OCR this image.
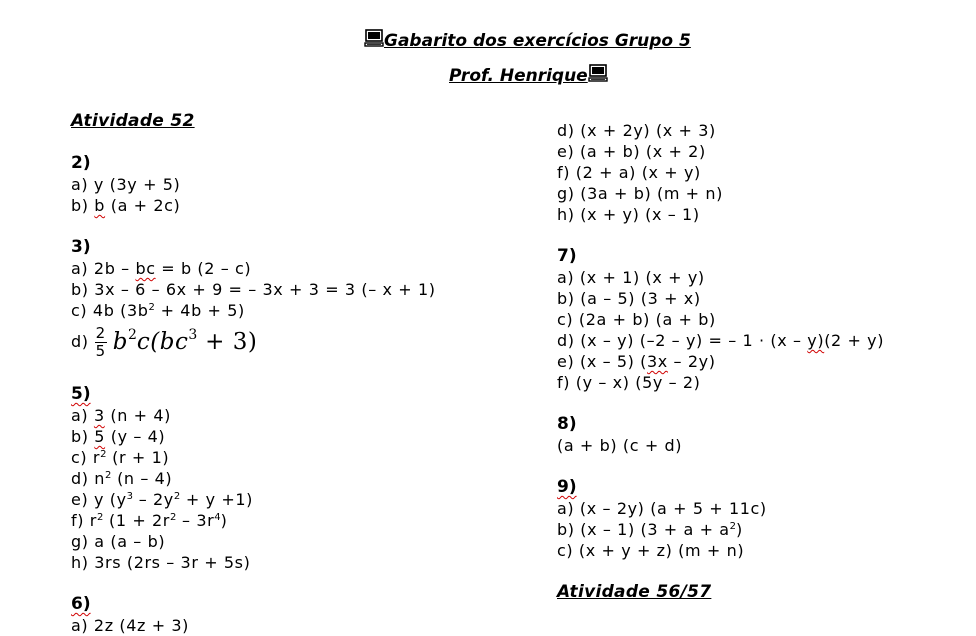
Gabarito dos exercícios Grupo 5
Prof. Henrique
Atividade 52
2)
a) y (3y + 5)
b) b (a + 2c)
3)
a) 2b – bc = b (2 – c)
b) 3x – 6 – 6x + 9 = – 3x + 3 = 3 (– x + 1)
c) 4b $(3b^2 + 4b + 5)$
$d) \frac{2}{5} b^2c(bc^3 + 3)$
5)
a) 3 (n + 4)
b) 5 (y – 4)
c) $r^2$ (r + 1)
d) $n^2$ (n – 4)
e) y $(y^3 - 2y^2 + y +1)$
f) $r^2$ $(1 + 2r^2 - 3r^4)$
g) a (a – b)
h) 3rs (2rs – 3r + 5s)
6)
a) 2z (4z + 3)
d) (x + 2y) (x + 3)
e) (a + b) (x + 2)
f) (2 + a) (x + y)
g) (3a + b) (m + n)
h) (x + y) (x – 1)
7)
a) (x + 1) (x + y)
b) (a – 5) (3 + x)
c) (2a + b) (a + b)
d) (x – y) (–2 – y) = – 1 · (x – y)(2 + y)
e) (x – 5) (3x – 2y)
f) (y – x) (5y – 2)
8)
(a + b) (c + d)
9)
a) (x – 2y) (a + 5 + 11c)
b) (x – 1) $(3 + a + a^2)$
c) (x + y + z) (m + n)
Atividade 56/57
